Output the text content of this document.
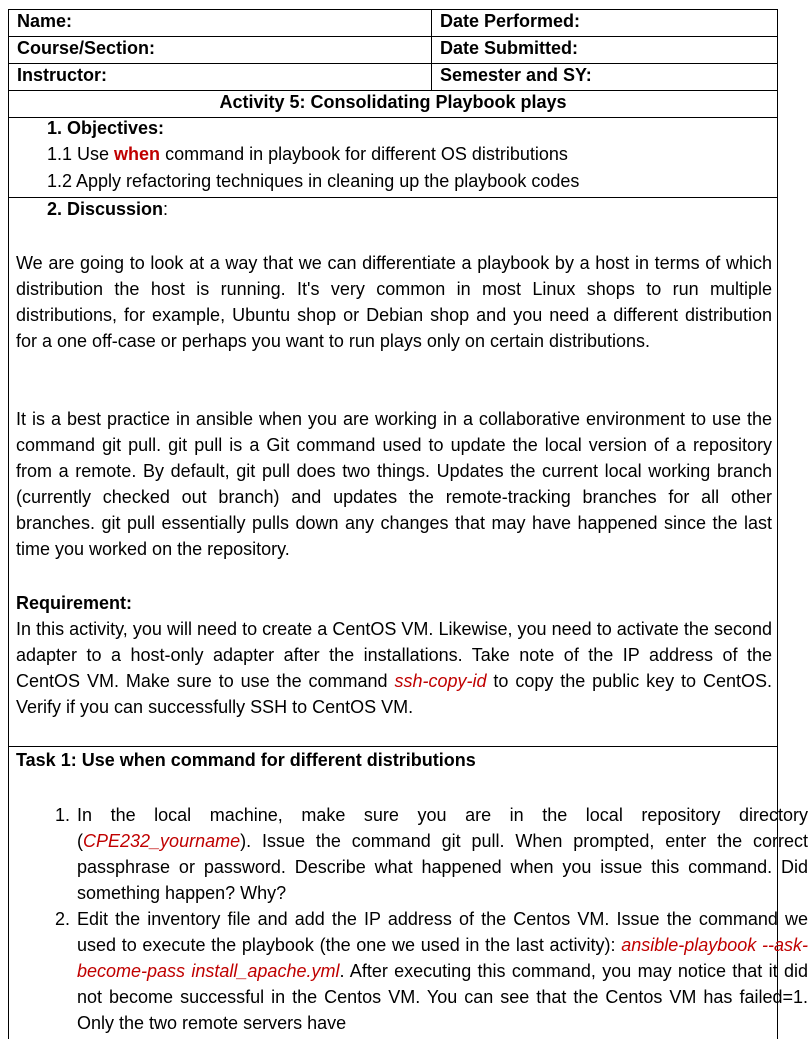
Name:	Date Performed:
Course/Section:	Date Submitted:
Instructor:	Semester and SY:
Activity 5: Consolidating Playbook plays
1. Objectives:
1.1 Use when command in playbook for different OS distributions
1.2 Apply refactoring techniques in cleaning up the playbook codes
2. Discussion:
We are going to look at a way that we can differentiate a playbook by a host in terms of which distribution the host is running. It's very common in most Linux shops to run multiple distributions, for example, Ubuntu shop or Debian shop and you need a different distribution for a one off-case or perhaps you want to run plays only on certain distributions.
It is a best practice in ansible when you are working in a collaborative environment to use the command git pull. git pull is a Git command used to update the local version of a repository from a remote. By default, git pull does two things. Updates the current local working branch (currently checked out branch) and updates the remote-tracking branches for all other branches. git pull essentially pulls down any changes that may have happened since the last time you worked on the repository.
Requirement:
In this activity, you will need to create a CentOS VM. Likewise, you need to activate the second adapter to a host-only adapter after the installations. Take note of the IP address of the CentOS VM. Make sure to use the command ssh-copy-id to copy the public key to CentOS. Verify if you can successfully SSH to CentOS VM.
Task 1: Use when command for different distributions
1. In the local machine, make sure you are in the local repository directory (CPE232_yourname). Issue the command git pull. When prompted, enter the correct passphrase or password. Describe what happened when you issue this command. Did something happen? Why?
2. Edit the inventory file and add the IP address of the Centos VM. Issue the command we used to execute the playbook (the one we used in the last activity): ansible-playbook --ask-become-pass install_apache.yml. After executing this command, you may notice that it did not become successful in the Centos VM. You can see that the Centos VM has failed=1. Only the two remote servers have
